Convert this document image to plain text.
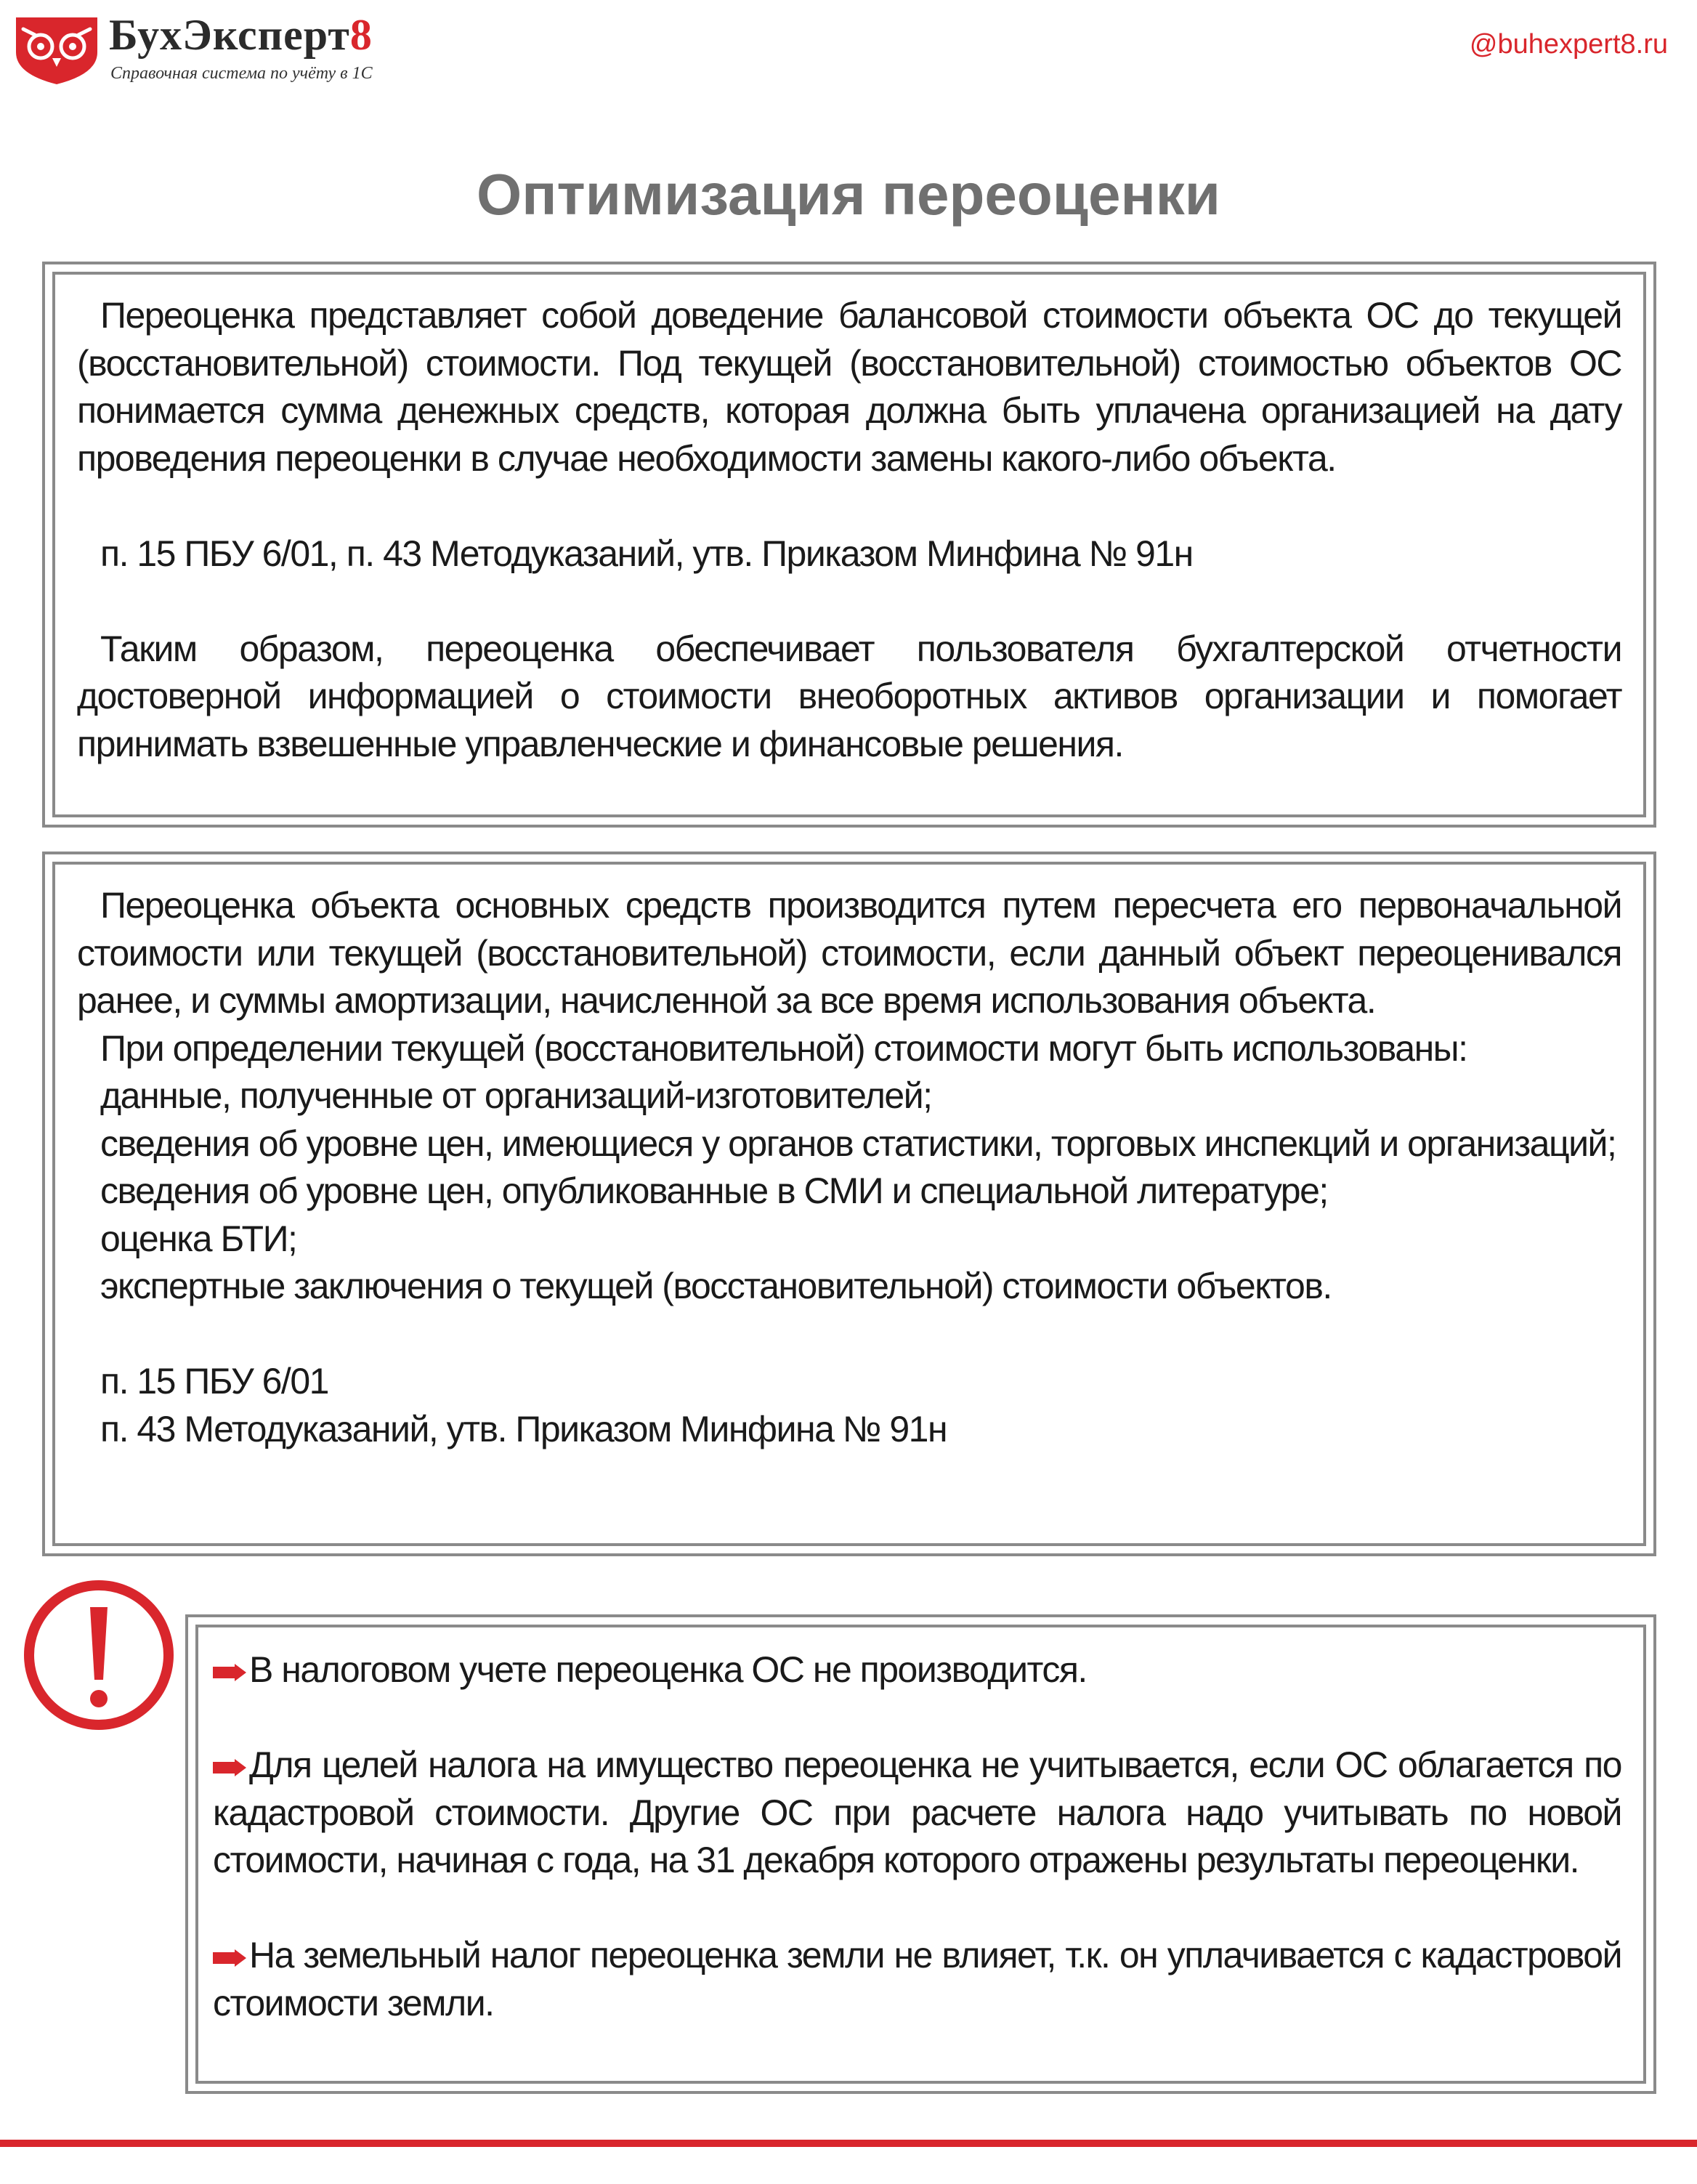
БухЭксперт8
Справочная система по учёту в 1С
@buhexpert8.ru
Оптимизация переоценки

Переоценка представляет собой доведение балансовой стоимости объекта ОС до текущей (восстановительной) стоимости. Под текущей (восстановительной) стоимостью объектов ОС понимается сумма денежных средств, которая должна быть уплачена организацией на дату проведения переоценки в случае необходимости замены какого-либо объекта.

п. 15 ПБУ 6/01, п. 43 Методуказаний, утв. Приказом Минфина № 91н

Таким образом, переоценка обеспечивает пользователя бухгалтерской отчетности достоверной информацией о стоимости внеоборотных активов организации и помогает принимать взвешенные управленческие и финансовые решения.

Переоценка объекта основных средств производится путем пересчета его первоначальной стоимости или текущей (восстановительной) стоимости, если данный объект переоценивался ранее, и суммы амортизации, начисленной за все время использования объекта.

При определении текущей (восстановительной) стоимости могут быть использованы:

данные, полученные от организаций-изготовителей;

сведения об уровне цен, имеющиеся у органов статистики, торговых инспекций и организаций;

сведения об уровне цен, опубликованные в СМИ и специальной литературе;

оценка БТИ;

экспертные заключения о текущей (восстановительной) стоимости объектов.

п. 15 ПБУ 6/01

п. 43 Методуказаний, утв. Приказом Минфина № 91н

В налоговом учете переоценка ОС не производится.
Для целей налога на имущество переоценка не учитывается, если ОС облагается по кадастровой стоимости. Другие ОС при расчете налога надо учитывать по новой стоимости, начиная с года, на 31 декабря которого отражены результаты переоценки.
На земельный налог переоценка земли не влияет, т.к. он уплачивается с кадастровой стоимости земли.
